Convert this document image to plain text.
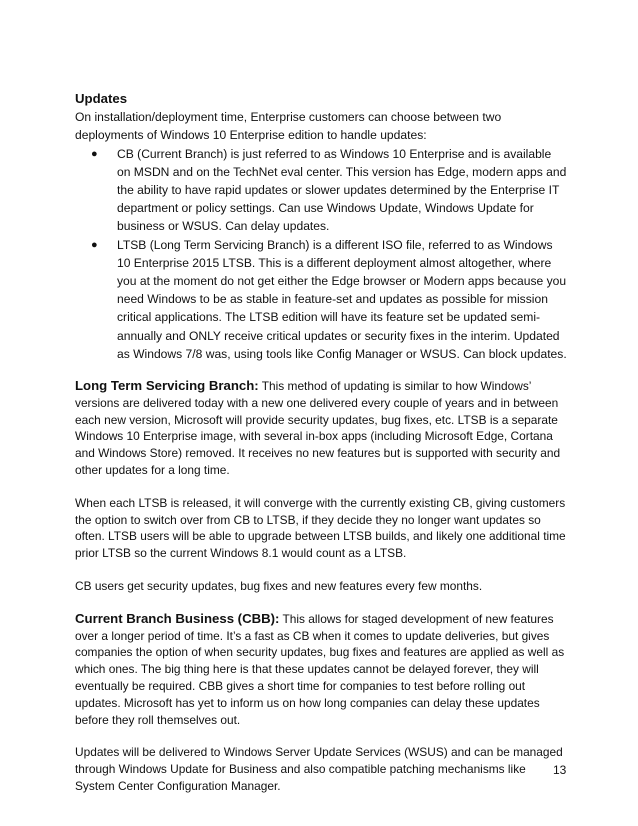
Updates

On installation/deployment time, Enterprise customers can choose between two deployments of Windows 10 Enterprise edition to handle updates:

● CB (Current Branch) is just referred to as Windows 10 Enterprise and is available on MSDN and on the TechNet eval center. This version has Edge, modern apps and the ability to have rapid updates or slower updates determined by the Enterprise IT department or policy settings. Can use Windows Update, Windows Update for business or WSUS. Can delay updates.
● LTSB (Long Term Servicing Branch) is a different ISO file, referred to as Windows 10 Enterprise 2015 LTSB. This is a different deployment almost altogether, where you at the moment do not get either the Edge browser or Modern apps because you need Windows to be as stable in feature-set and updates as possible for mission critical applications. The LTSB edition will have its feature set be updated semi-annually and ONLY receive critical updates or security fixes in the interim. Updated as Windows 7/8 was, using tools like Config Manager or WSUS. Can block updates.

Long Term Servicing Branch: This method of updating is similar to how Windows’ versions are delivered today with a new one delivered every couple of years and in between each new version, Microsoft will provide security updates, bug fixes, etc. LTSB is a separate Windows 10 Enterprise image, with several in-box apps (including Microsoft Edge, Cortana and Windows Store) removed. It receives no new features but is supported with security and other updates for a long time.

When each LTSB is released, it will converge with the currently existing CB, giving customers the option to switch over from CB to LTSB, if they decide they no longer want updates so often. LTSB users will be able to upgrade between LTSB builds, and likely one additional time prior LTSB so the current Windows 8.1 would count as a LTSB.

CB users get security updates, bug fixes and new features every few months.

Current Branch Business (CBB): This allows for staged development of new features over a longer period of time. It’s a fast as CB when it comes to update deliveries, but gives companies the option of when security updates, bug fixes and features are applied as well as which ones. The big thing here is that these updates cannot be delayed forever, they will eventually be required. CBB gives a short time for companies to test before rolling out updates. Microsoft has yet to inform us on how long companies can delay these updates before they roll themselves out.

Updates will be delivered to Windows Server Update Services (WSUS) and can be managed through Windows Update for Business and also compatible patching mechanisms like System Center Configuration Manager.

13
